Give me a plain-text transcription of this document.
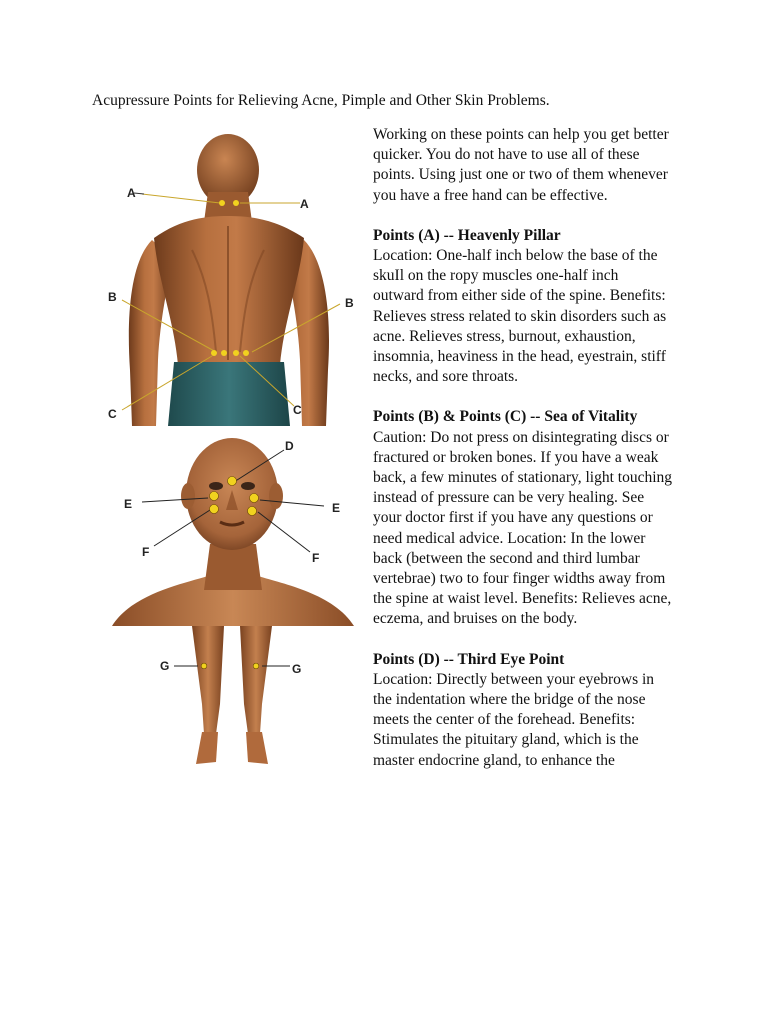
Acupressure Points for Relieving Acne, Pimple and Other Skin Problems.
A
A
B	B
C	C
D
E	E
F	F
G	G

Working on these points can help you get better quicker. You do not have to use all of these points. Using just one or two of them whenever you have a free hand can be effective.

Points (A) -- Heavenly Pillar

Location: One-half inch below the base of the skuIl on the ropy muscles one-half inch outward from either side of the spine. Benefits: Relieves stress related to skin disorders such as acne. Relieves stress, burnout, exhaustion, insomnia, heaviness in the head, eyestrain, stiff necks, and sore throats.

Points (B) & Points (C) -- Sea of Vitality

Caution: Do not press on disintegrating discs or fractured or broken bones. If you have a weak back, a few minutes of stationary, light touching instead of pressure can be very healing. See your doctor first if you have any questions or need medical advice. Location: In the lower back (between the second and third lumbar vertebrae) two to four finger widths away from the spine at waist level. Benefits: Relieves acne, eczema, and bruises on the body.

Points (D) -- Third Eye Point

Location: Directly between your eyebrows in the indentation where the bridge of the nose meets the center of the forehead. Benefits: Stimulates the pituitary gland, which is the master endocrine gland, to enhance the
